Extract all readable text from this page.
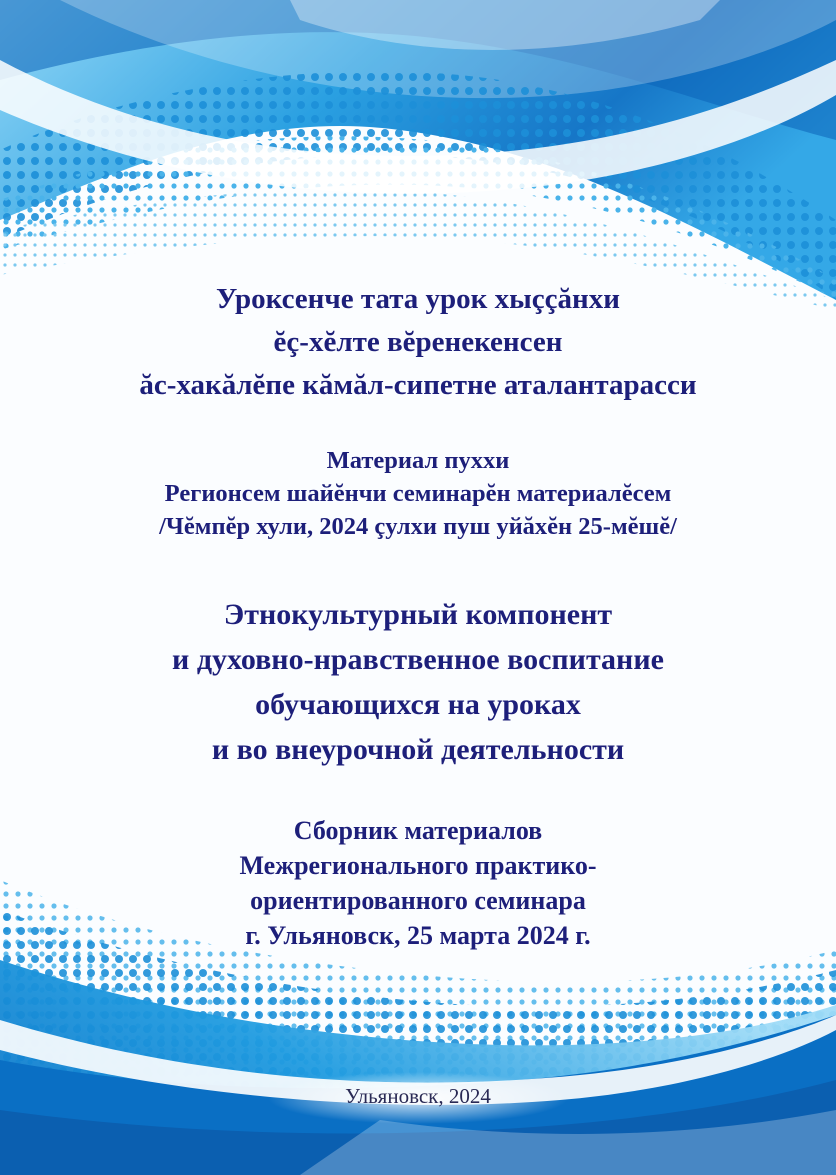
Уроксенче тата урок хыççăнхи
ĕç-хĕлте вĕренекенсен
ăс-хакăлĕпе кăмăл-сипетне аталантарасси
Материал пуххи
Регионсем шайĕнчи семинарĕн материалĕсем
/Чĕмпĕр хули, 2024 çулхи пуш уйăхĕн 25-мĕшĕ/
Этнокультурный компонент
и духовно-нравственное воспитание
обучающихся на уроках
и во внеурочной деятельности
Сборник материалов
Межрегионального практико-
ориентированного семинара
г. Ульяновск, 25 марта 2024 г.
Ульяновск, 2024
